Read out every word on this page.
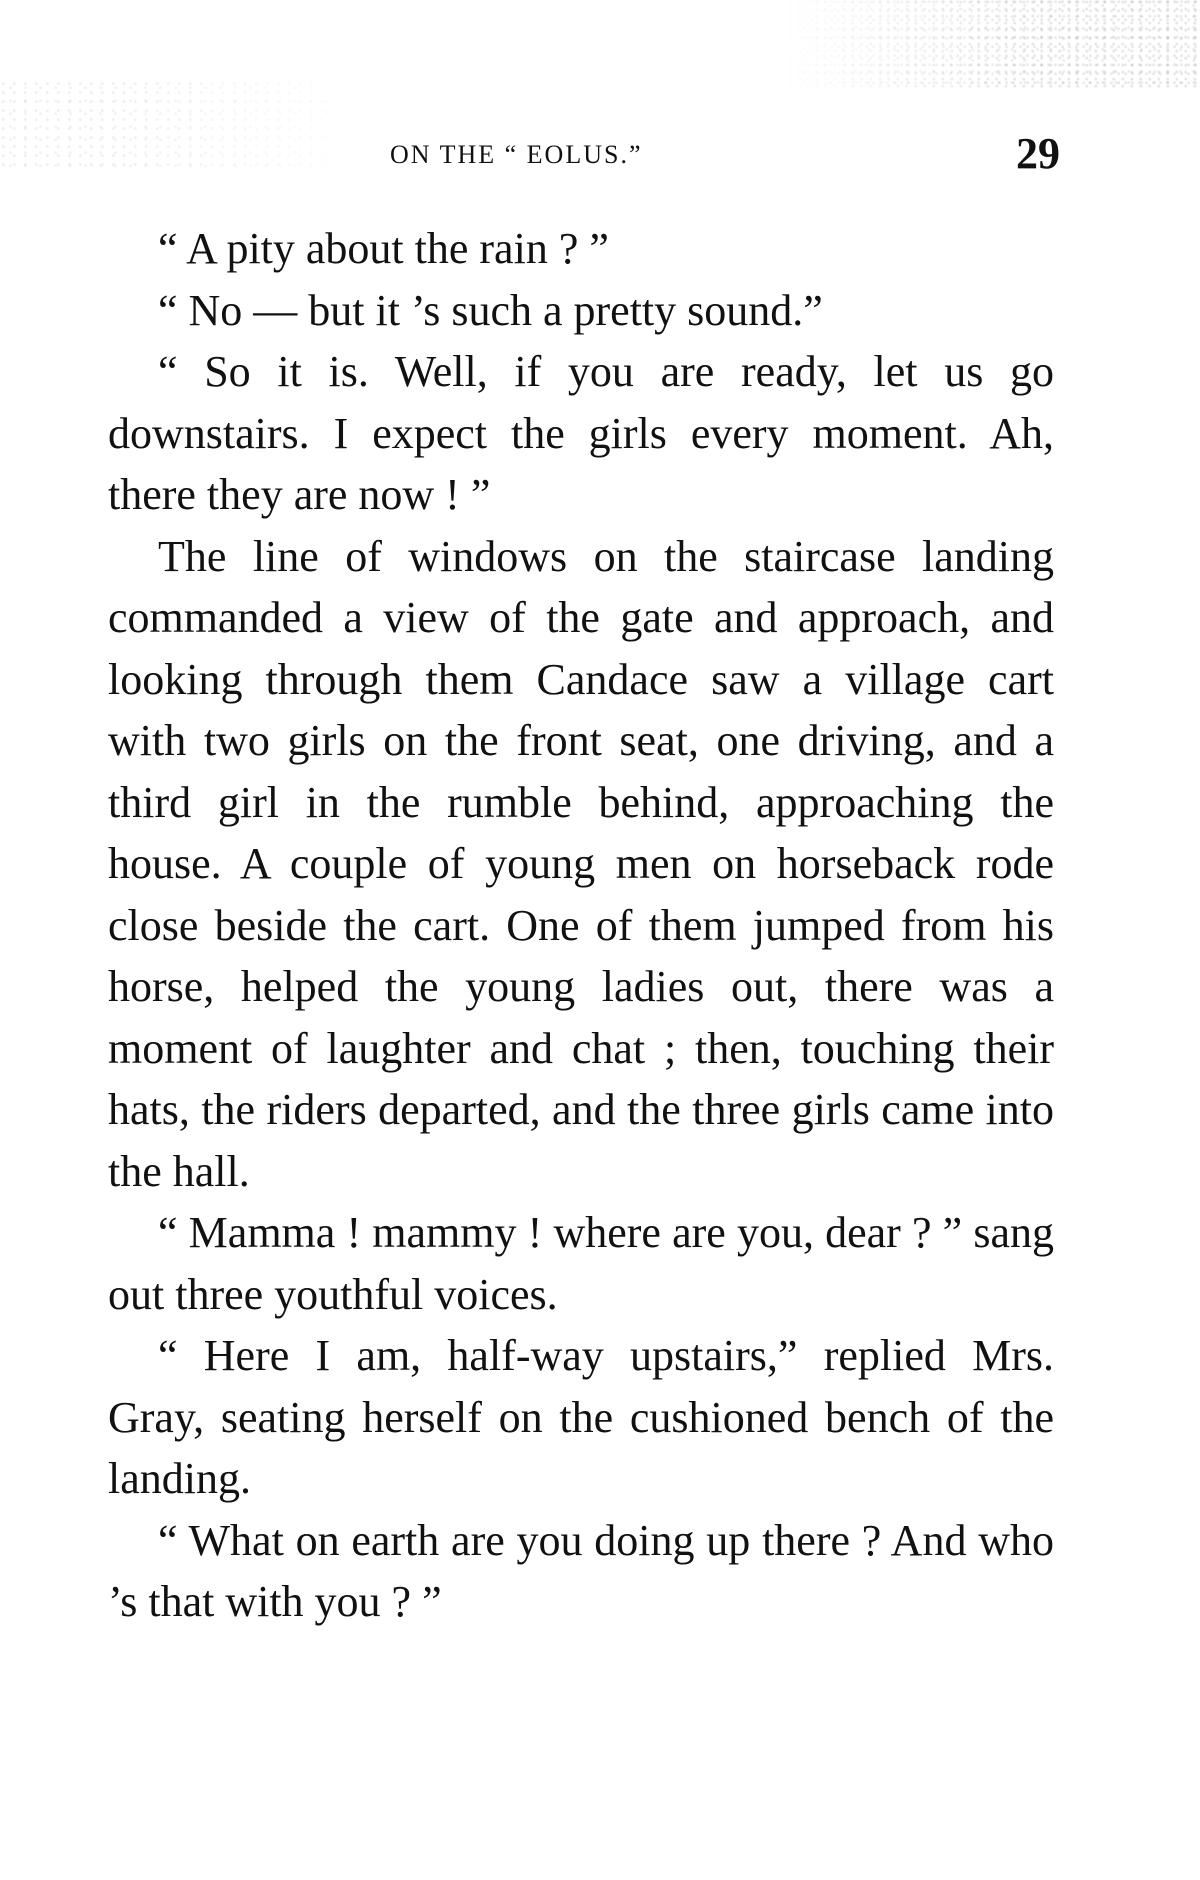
ON THE “ EOLUS.”	29

“ A pity about the rain ? ”

“ No — but it ’s such a pretty sound.”

“ So it is. Well, if you are ready, let us go downstairs. I expect the girls every moment. Ah, there they are now ! ”

The line of windows on the staircase landing commanded a view of the gate and approach, and looking through them Candace saw a village cart with two girls on the front seat, one driving, and a third girl in the rumble behind, approaching the house. A couple of young men on horseback rode close beside the cart. One of them jumped from his horse, helped the young ladies out, there was a moment of laughter and chat ; then, touching their hats, the riders departed, and the three girls came into the hall.

“ Mamma ! mammy ! where are you, dear ? ” sang out three youthful voices.

“ Here I am, half-way upstairs,” replied Mrs. Gray, seating herself on the cushioned bench of the landing.

“ What on earth are you doing up there ? And who ’s that with you ? ”
